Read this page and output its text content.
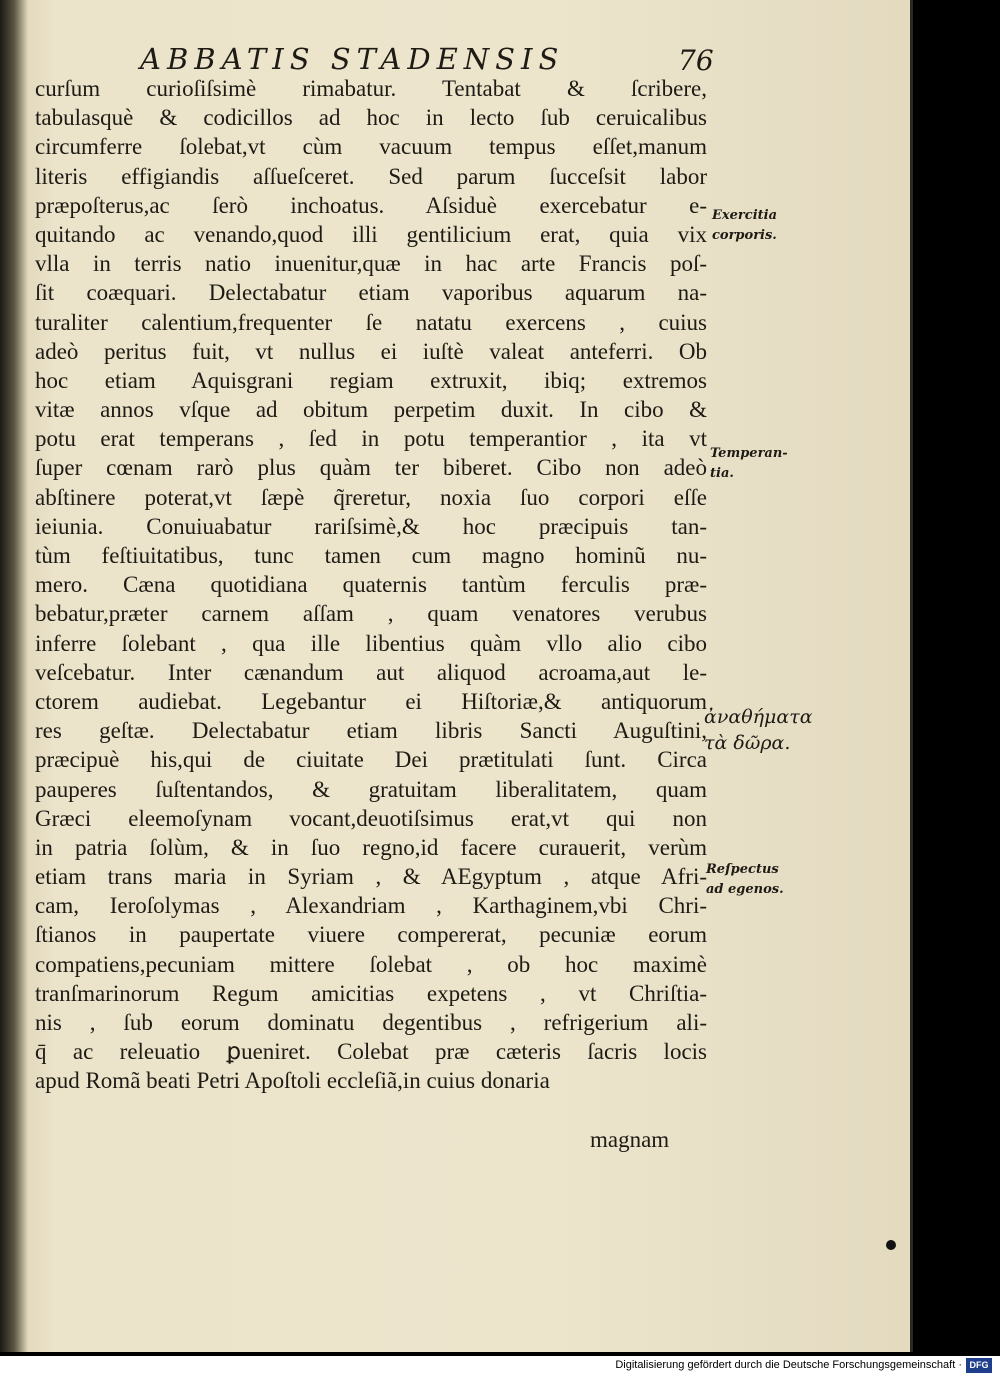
ABBATIS STADENSIS	76
curſum curioſiſsimè rimabatur. Tentabat & ſcribere,
tabulasquè & codicillos ad hoc in lecto ſub ceruicalibus
circumferre ſolebat,vt cùm vacuum tempus eſſet,manum
literis effigiandis aſſueſceret. Sed parum ſucceſsit labor
præpoſterus,ac ſerò inchoatus. Aſsiduè exercebatur e-
quitando ac venando,quod illi gentilicium erat, quia vix
vlla in terris natio inuenitur,quæ in hac arte Francis poſ-
ſit coæquari. Delectabatur etiam vaporibus aquarum na-
turaliter calentium,frequenter ſe natatu exercens , cuius
adeò peritus fuit, vt nullus ei iuſtè valeat anteferri. Ob
hoc etiam Aquisgrani regiam extruxit, ibiq; extremos
vitæ annos vſque ad obitum perpetim duxit. In cibo &
potu erat temperans , ſed in potu temperantior , ita vt
ſuper cœnam rarò plus quàm ter biberet. Cibo non adeò
abſtinere poterat,vt ſæpè q̃reretur, noxia ſuo corpori eſſe
ieiunia. Conuiuabatur rariſsimè,& hoc præcipuis tan-
tùm feſtiuitatibus, tunc tamen cum magno hominũ nu-
mero. Cæna quotidiana quaternis tantùm ferculis præ-
bebatur,præter carnem aſſam , quam venatores verubus
inferre ſolebant , qua ille libentius quàm vllo alio cibo
veſcebatur. Inter cænandum aut aliquod acroama,aut le-
ctorem audiebat. Legebantur ei Hiſtoriæ,& antiquorum
res geſtæ. Delectabatur etiam libris Sancti Auguſtini,
præcipuè his,qui de ciuitate Dei prætitulati ſunt. Circa
pauperes ſuſtentandos, & gratuitam liberalitatem, quam
Græci eleemoſynam vocant,deuotiſsimus erat,vt qui non
in patria ſolùm, & in ſuo regno,id facere curauerit, verùm
etiam trans maria in Syriam , & AEgyptum , atque Afri-
cam, Ieroſolymas , Alexandriam , Karthaginem,vbi Chri-
ſtianos in paupertate viuere compererat, pecuniæ eorum
compatiens,pecuniam mittere ſolebat , ob hoc maximè
tranſmarinorum Regum amicitias expetens , vt Chriſtia-
nis , ſub eorum dominatu degentibus , refrigerium ali-
q̄ ac releuatio ꝑueniret. Colebat præ cæteris ſacris locis
apud Romã beati Petri Apoſtoli eccleſiã,in cuius donaria
magnam
Exercitia
corporis.
Temperan-
tia.
ἀναθήματα
τὰ δῶρα.
Reſpectus
ad egenos.
Digitalisierung gefördert durch die Deutsche Forschungsgemeinschaft · DFG
